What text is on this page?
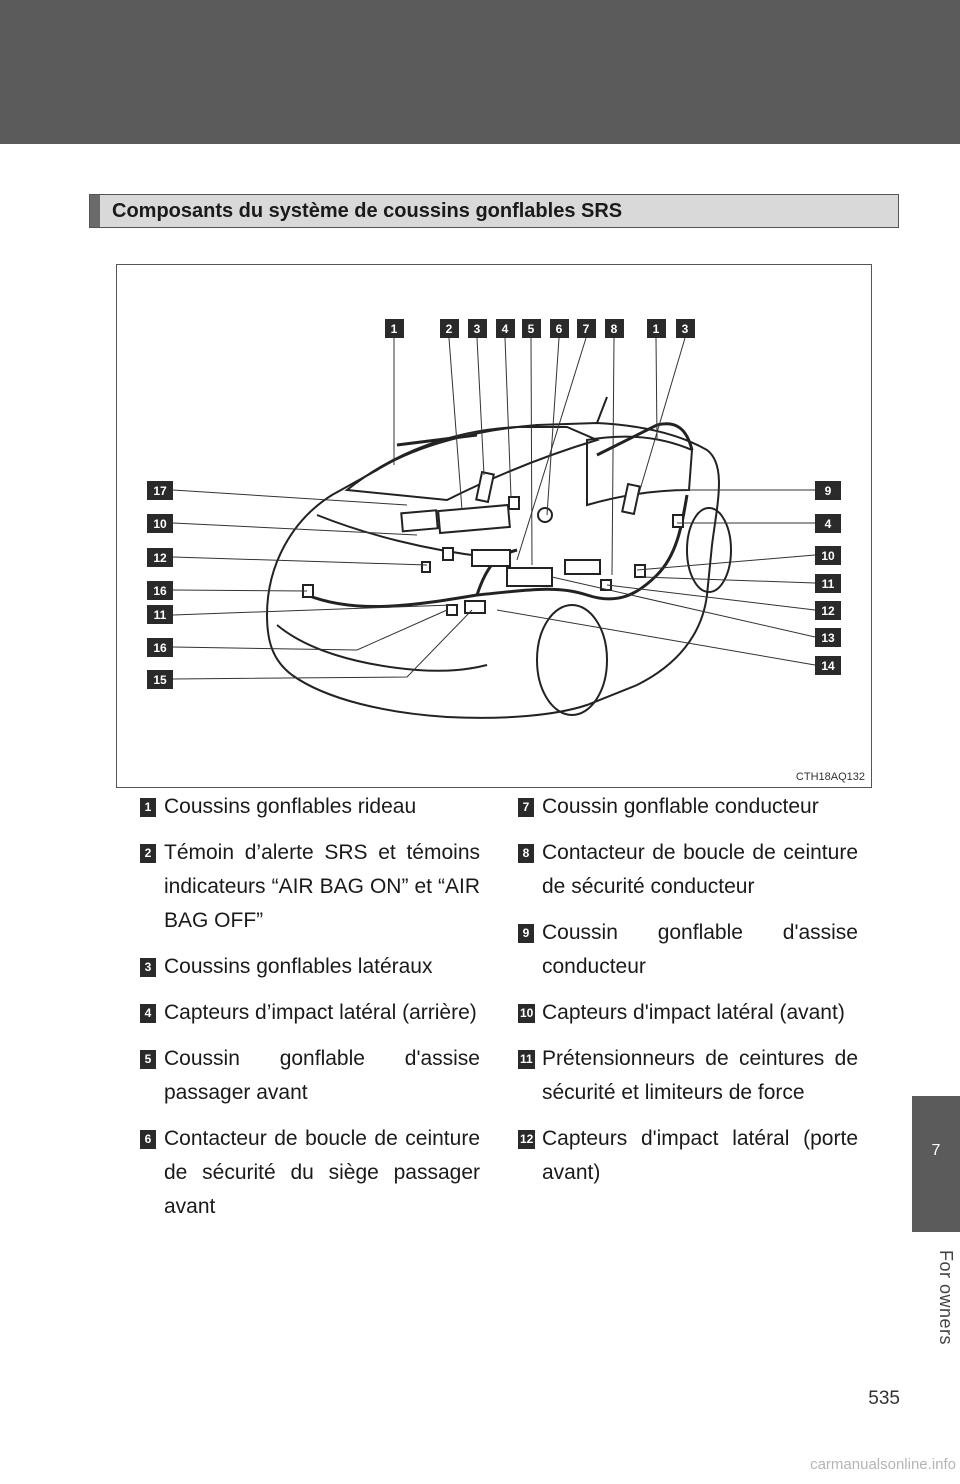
7
For owners
Composants du système de coussins gonflables SRS
1	2 3 4 5 6 7 8	1 3
17
10
12
16
11
16
15
9
4
10
11
12
13
14
CTH18AQ132
1 Coussins gonflables rideau
2 Témoin d’alerte SRS et témoins indicateurs “AIR BAG ON” et “AIR BAG OFF”
3 Coussins gonflables latéraux
4 Capteurs d’impact latéral (arrière)
5 Coussin gonflable d'assise passager avant
6 Contacteur de boucle de ceinture de sécurité du siège passager avant
7 Coussin gonflable conducteur
8 Contacteur de boucle de ceinture de sécurité conducteur
9 Coussin gonflable d'assise conducteur
10 Capteurs d'impact latéral (avant)
11 Prétensionneurs de ceintures de sécurité et limiteurs de force
12 Capteurs d'impact latéral (porte avant)
535
carmanualsonline.info
